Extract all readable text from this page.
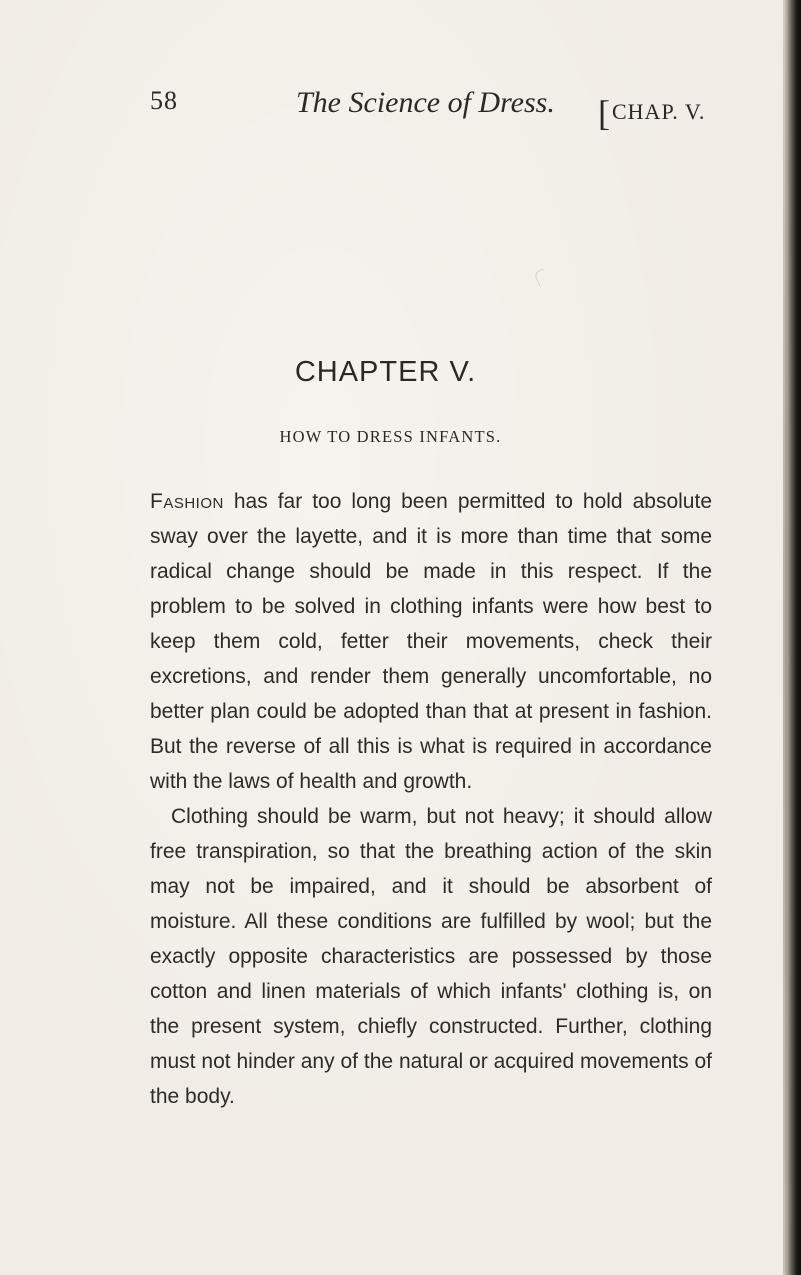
58	The Science of Dress. [CHAP. V.
CHAPTER V.
HOW TO DRESS INFANTS.

Fashion has far too long been permitted to hold absolute sway over the layette, and it is more than time that some radical change should be made in this respect. If the problem to be solved in clothing infants were how best to keep them cold, fetter their movements, check their excretions, and render them generally uncomfortable, no better plan could be adopted than that at present in fashion. But the reverse of all this is what is required in accordance with the laws of health and growth.

Clothing should be warm, but not heavy; it should allow free transpiration, so that the breathing action of the skin may not be impaired, and it should be absorbent of moisture. All these conditions are fulfilled by wool; but the exactly opposite characteristics are possessed by those cotton and linen materials of which infants' clothing is, on the present system, chiefly constructed. Further, clothing must not hinder any of the natural or acquired movements of the body.
